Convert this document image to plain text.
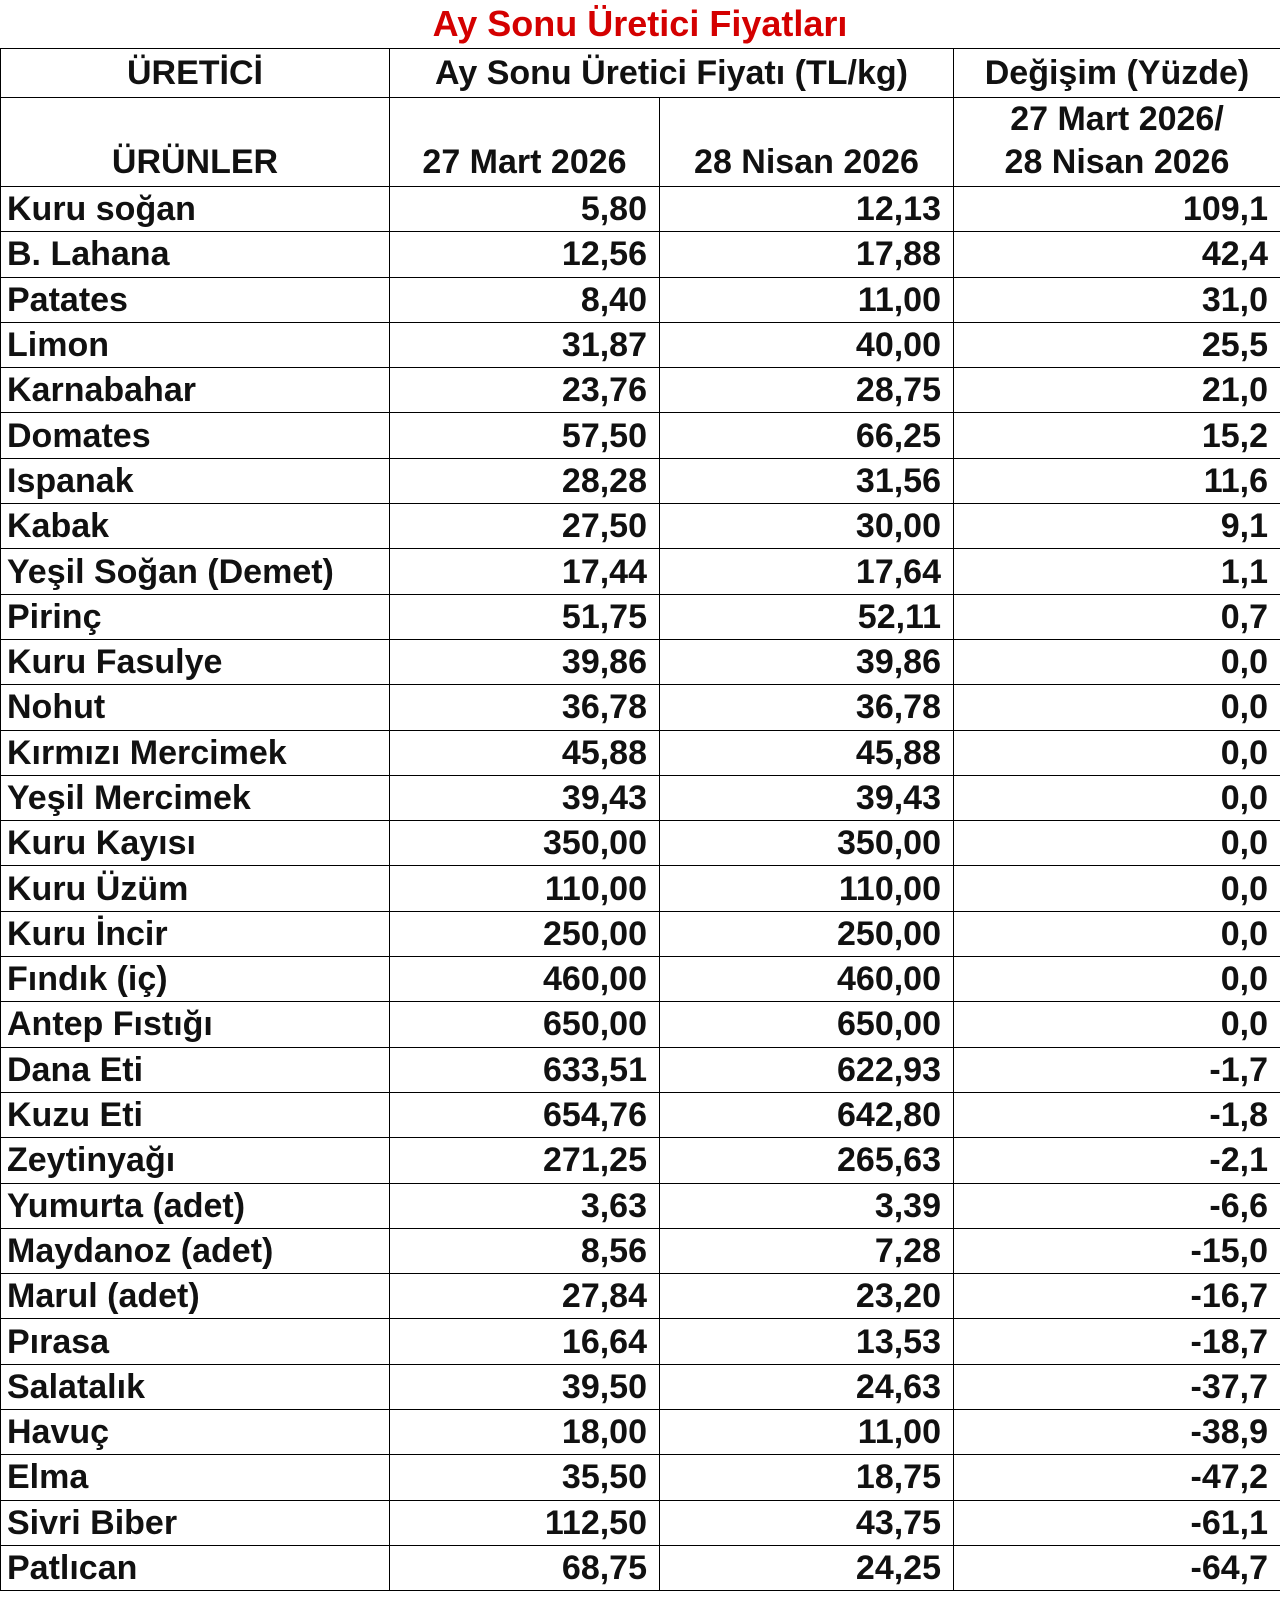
Ay Sonu Üretici Fiyatları
ÜRETİCİ	Ay Sonu Üretici Fiyatı (TL/kg)		Değişim (Yüzde)
ÜRÜNLER	27 Mart 2026	28 Nisan 2026	27 Mart 2026/
28 Nisan 2026
Kuru soğan	5,80	12,13	109,1
B. Lahana	12,56	17,88	42,4
Patates	8,40	11,00	31,0
Limon	31,87	40,00	25,5
Karnabahar	23,76	28,75	21,0
Domates	57,50	66,25	15,2
Ispanak	28,28	31,56	11,6
Kabak	27,50	30,00	9,1
Yeşil Soğan (Demet)	17,44	17,64	1,1
Pirinç	51,75	52,11	0,7
Kuru Fasulye	39,86	39,86	0,0
Nohut	36,78	36,78	0,0
Kırmızı Mercimek	45,88	45,88	0,0
Yeşil Mercimek	39,43	39,43	0,0
Kuru Kayısı	350,00	350,00	0,0
Kuru Üzüm	110,00	110,00	0,0
Kuru İncir	250,00	250,00	0,0
Fındık (iç)	460,00	460,00	0,0
Antep Fıstığı	650,00	650,00	0,0
Dana Eti	633,51	622,93	-1,7
Kuzu Eti	654,76	642,80	-1,8
Zeytinyağı	271,25	265,63	-2,1
Yumurta (adet)	3,63	3,39	-6,6
Maydanoz (adet)	8,56	7,28	-15,0
Marul (adet)	27,84	23,20	-16,7
Pırasa	16,64	13,53	-18,7
Salatalık	39,50	24,63	-37,7
Havuç	18,00	11,00	-38,9
Elma	35,50	18,75	-47,2
Sivri Biber	112,50	43,75	-61,1
Patlıcan	68,75	24,25	-64,7
